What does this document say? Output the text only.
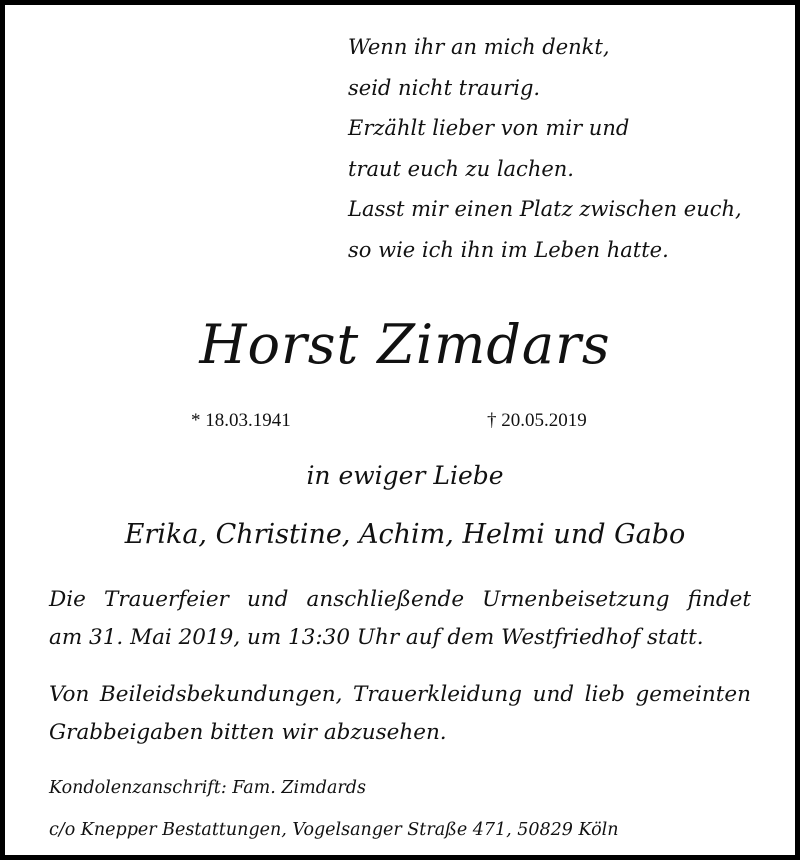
Wenn ihr an mich denkt,
seid nicht traurig.
Erzählt lieber von mir und
traut euch zu lachen.
Lasst mir einen Platz zwischen euch,
so wie ich ihn im Leben hatte.
Horst Zimdars
* 18.03.1941	† 20.05.2019
in ewiger Liebe
Erika, Christine, Achim, Helmi und Gabo
Die Trauerfeier und anschließende Urnenbeisetzung findet
am 31. Mai 2019, um 13:30 Uhr auf dem Westfriedhof statt.
Von Beileidsbekundungen, Trauerkleidung und lieb gemeinten
Grabbeigaben bitten wir abzusehen.
Kondolenzanschrift: Fam. Zimdards
c/o Knepper Bestattungen, Vogelsanger Straße 471, 50829 Köln
